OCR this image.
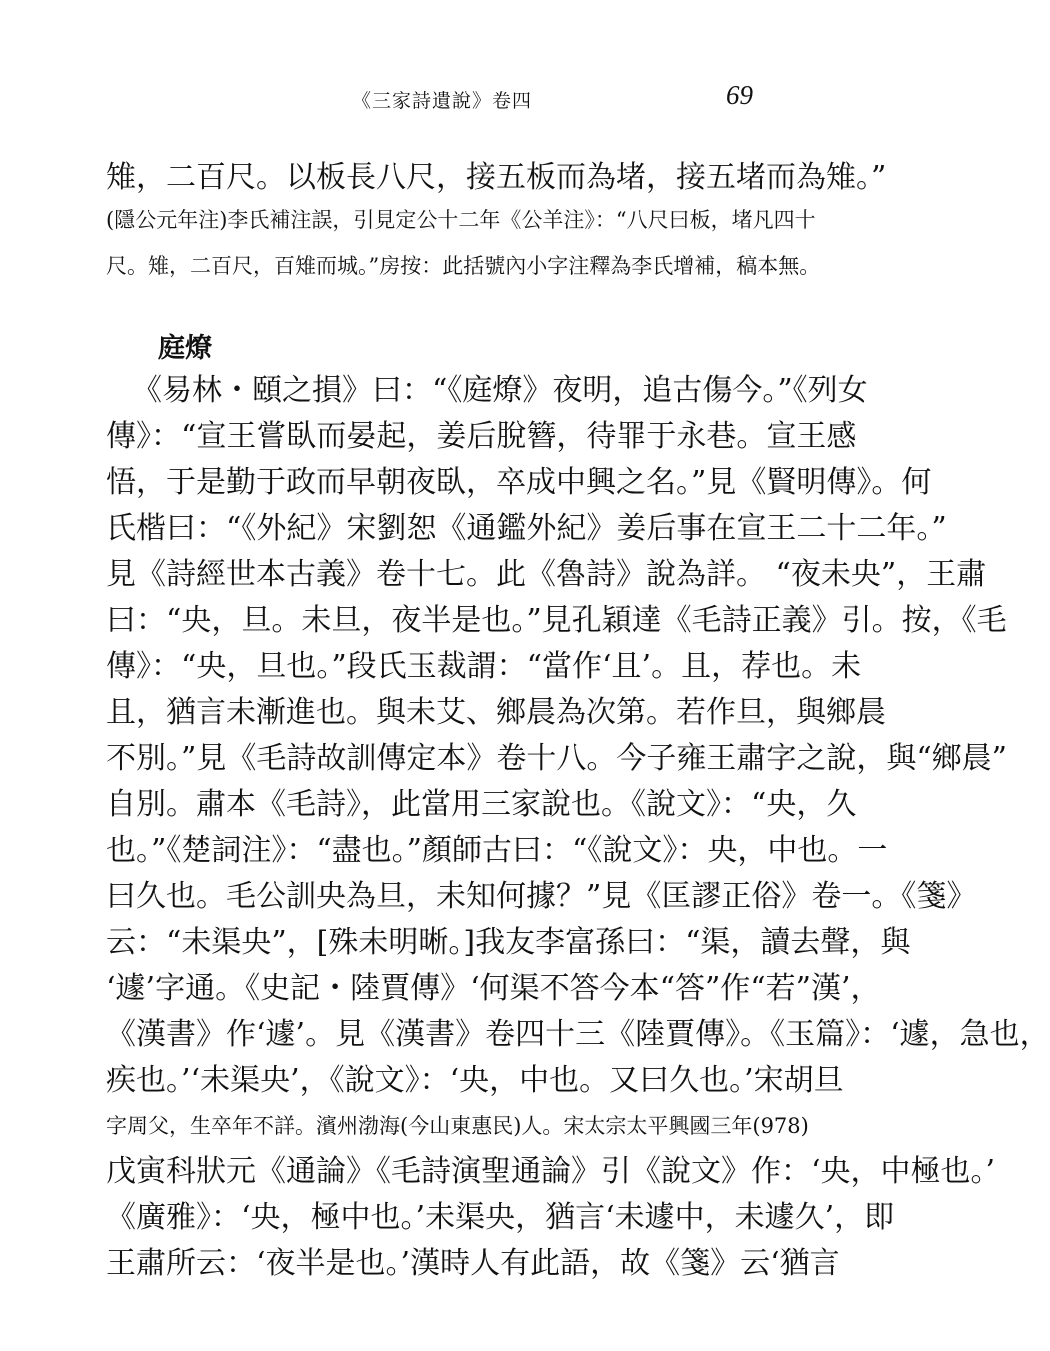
《三家詩遺說》卷四	69
雉，二百尺。以板長八尺，接五板而為堵，接五堵而為雉。”
(隱公元年注)李氏補注誤，引見定公十二年《公羊注》：“八尺曰板，堵凡四十
尺。雉，二百尺，百雉而城。”房按：此括號內小字注釋為李氏增補，稿本無。
庭燎
《易林・頤之損》曰：“《庭燎》夜明，追古傷今。”《列女
傳》：“宣王嘗臥而晏起，姜后脫簪，待罪于永巷。宣王感
悟，于是勤于政而早朝夜臥，卒成中興之名。”見《賢明傳》。何
氏楷曰：“《外紀》宋劉恕《通鑑外紀》姜后事在宣王二十二年。”
見《詩經世本古義》卷十七。此《魯詩》說為詳。 “夜未央”，王肅
曰：“央，旦。未旦，夜半是也。”見孔穎達《毛詩正義》引。按，《毛
傳》：“央，旦也。”段氏玉裁謂：“當作‘且’。且，荐也。未
且，猶言未漸進也。與未艾、鄉晨為次第。若作旦，與鄉晨
不別。”見《毛詩故訓傳定本》卷十八。今子雍王肅字之說，與“鄉晨”
自別。肅本《毛詩》，此當用三家說也。《說文》：“央，久
也。”《楚詞注》：“盡也。”顏師古曰：“《說文》：央，中也。一
曰久也。毛公訓央為旦，未知何據？”見《匡謬正俗》卷一。《箋》
云：“未渠央”，[殊未明晰。]我友李富孫曰：“渠，讀去聲，與
‘遽’字通。《史記・陸賈傳》‘何渠不答今本“答”作“若”漢’，
《漢書》作‘遽’。見《漢書》卷四十三《陸賈傳》。《玉篇》：‘遽，急也，
疾也。’‘未渠央’，《說文》：‘央，中也。又曰久也。’宋胡旦
字周父，生卒年不詳。濱州渤海(今山東惠民)人。宋太宗太平興國三年(978)
戊寅科狀元《通論》《毛詩演聖通論》引《說文》作：‘央，中極也。’
《廣雅》：‘央，極中也。’未渠央，猶言‘未遽中，未遽久’，即
王肅所云：‘夜半是也。’漢時人有此語，故《箋》云‘猶言
